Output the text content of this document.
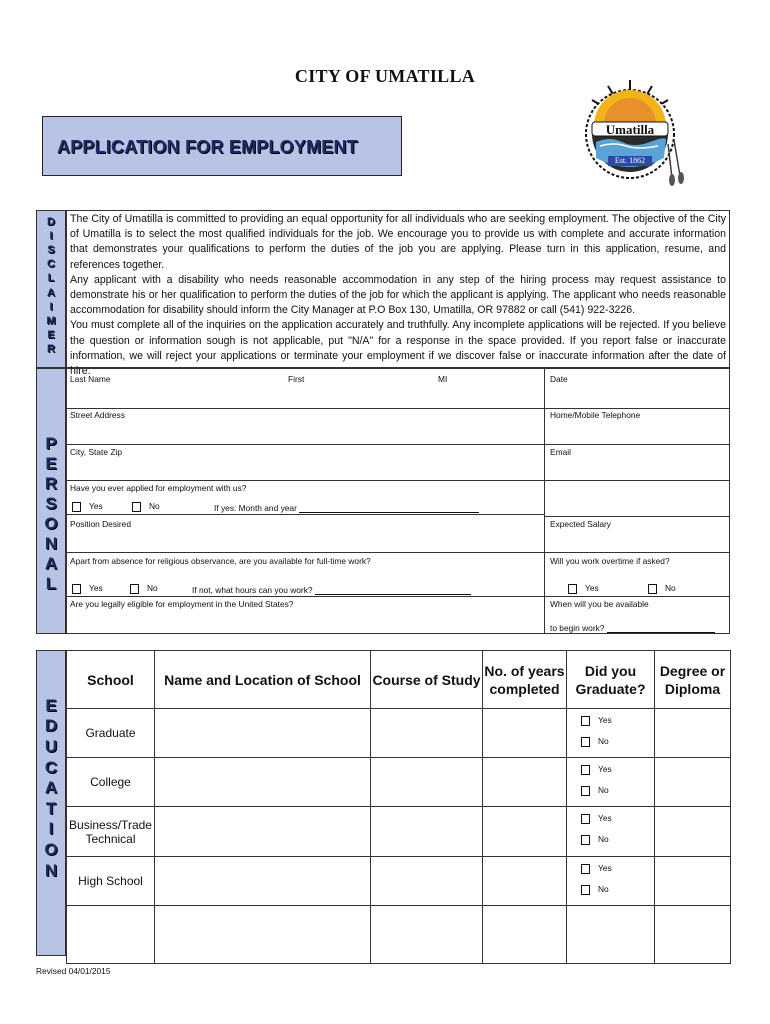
CITY OF UMATILLA
APPLICATION FOR EMPLOYMENT
Umatilla
Est. 1862
D
I
S
C
L
A
I
M
E
R

The City of Umatilla is committed to providing an equal opportunity for all individuals who are seeking employment. The objective of the City of Umatilla is to select the most qualified individuals for the job. We encourage you to provide us with complete and accurate information that demonstrates your qualifications to perform the duties of the job you are applying. Please turn in this application, resume, and references together.

Any applicant with a disability who needs reasonable accommodation in any step of the hiring process may request assistance to demonstrate his or her qualification to perform the duties of the job for which the applicant is applying. The applicant who needs reasonable accommodation for disability should inform the City Manager at P.O Box 130, Umatilla, OR 97882 or call (541) 922-3226.

You must complete all of the inquiries on the application accurately and truthfully. Any incomplete applications will be rejected. If you believe the question or information sough is not applicable, put "N/A" for a response in the space provided. If you report false or inaccurate information, we will reject your applications or terminate your employment if we discover false or inaccurate information after the date of hire.

P
E
R
S
O
N
A
L
Last Name	First	MI	Date
Street Address	Home/Mobile Telephone
City, State Zip	Email
Have you ever applied for employment with us?
Yes	No	If yes: Month and year
Position Desired	Expected Salary
Apart from absence for religious observance, are you available for full-time work?	Will you work overtime if asked?
Yes	No	If not, what hours can you work?	Yes	No
Are you legally eligible for employment in the United States?	When will you be available
to begin work?
E
D
U
C
A
T
I
O
N
School	Name and Location of School	Course of Study	No. of years completed	Did you Graduate?	Degree or Diploma
Graduate				Yes
No	

College				Yes
No	

Business/Trade Technical				Yes
No	

High School				Yes
No	

Revised 04/01/2015
